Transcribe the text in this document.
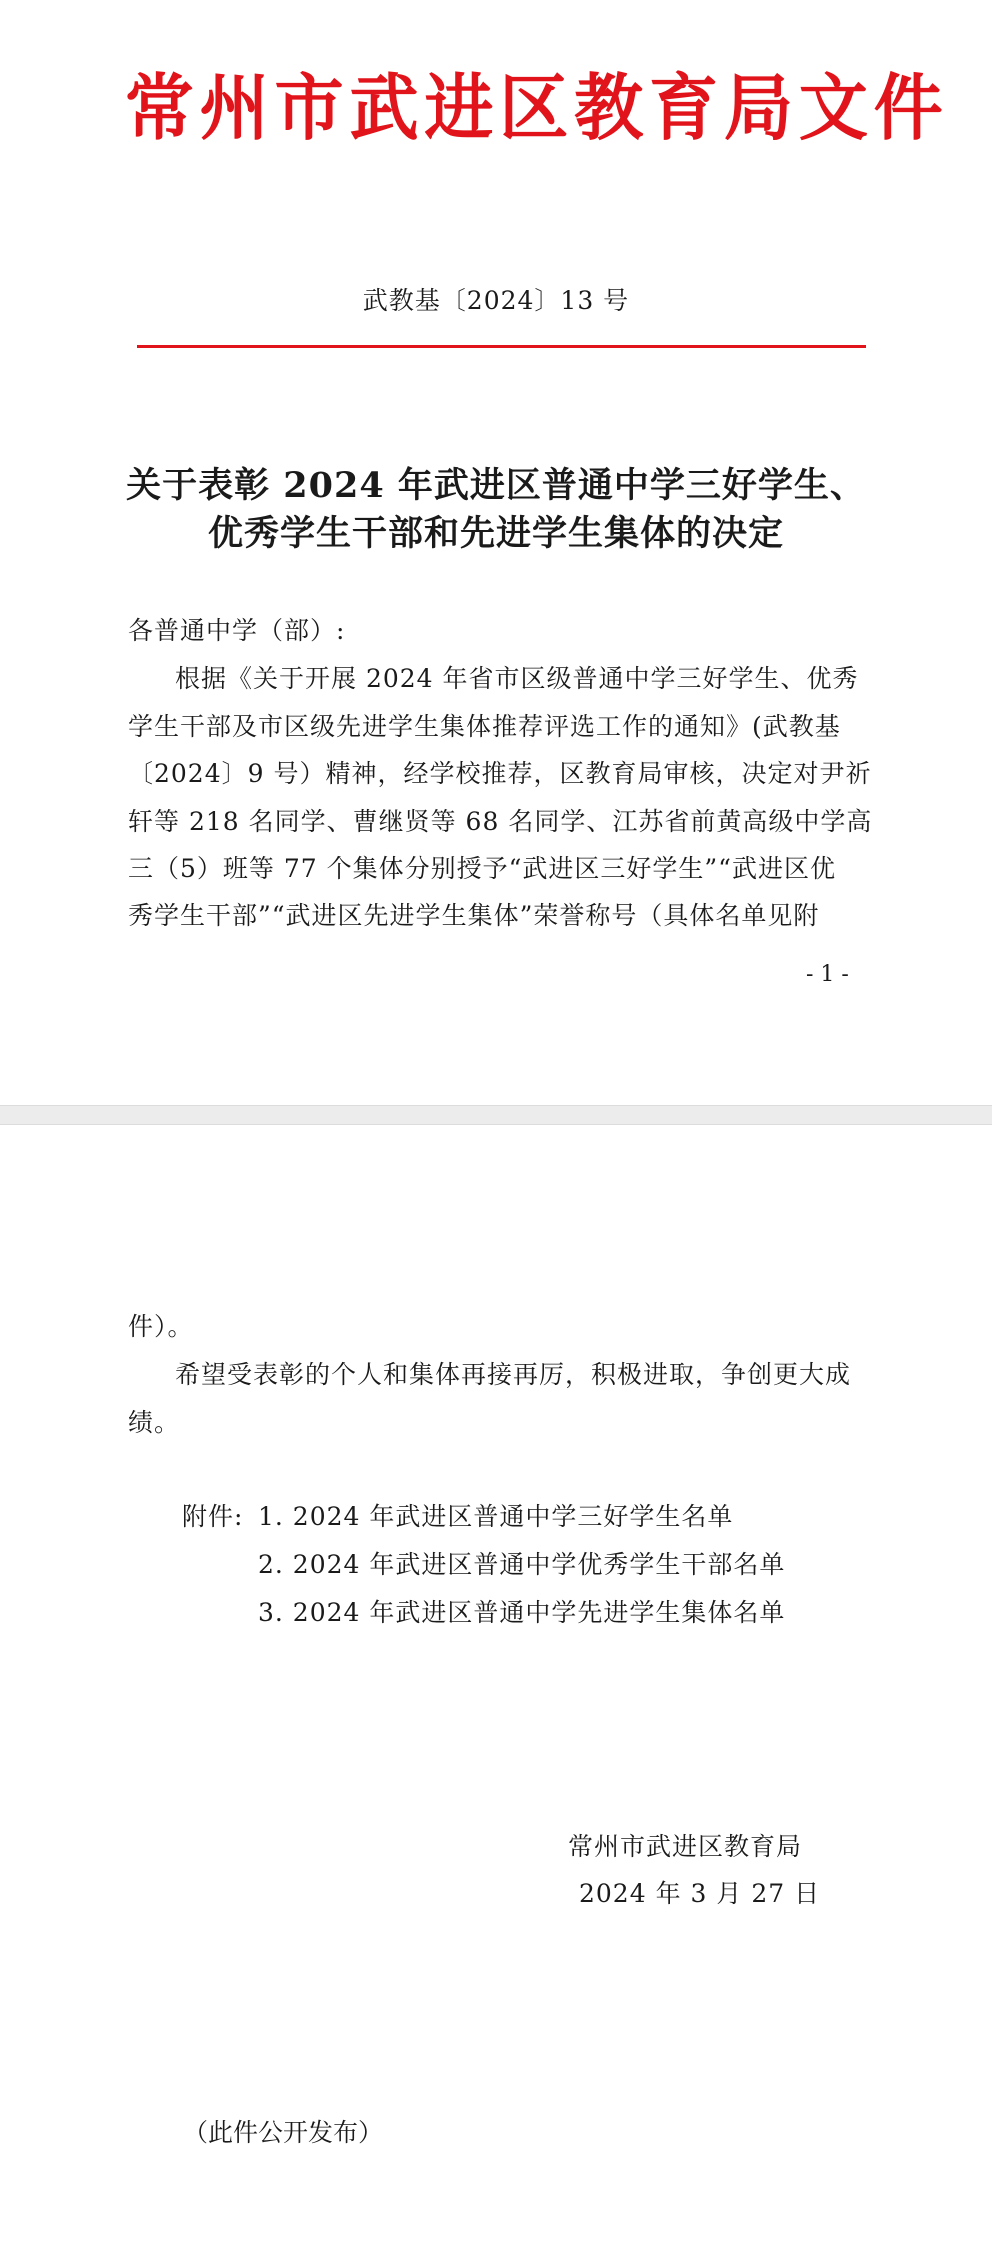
常州市武进区教育局文件
武教基〔2024〕13 号
关于表彰 2024 年武进区普通中学三好学生、
优秀学生干部和先进学生集体的决定
各普通中学（部）:
根据《关于开展 2024 年省市区级普通中学三好学生、优秀
学生干部及市区级先进学生集体推荐评选工作的通知》(武教基
〔2024〕9 号）精神，经学校推荐，区教育局审核，决定对尹祈
轩等 218 名同学、曹继贤等 68 名同学、江苏省前黄高级中学高
三（5）班等 77 个集体分别授予“武进区三好学生”“武进区优
秀学生干部”“武进区先进学生集体”荣誉称号（具体名单见附
- 1 -
件）。
希望受表彰的个人和集体再接再厉，积极进取，争创更大成
绩。
附件: 1. 2024 年武进区普通中学三好学生名单
2. 2024 年武进区普通中学优秀学生干部名单
3. 2024 年武进区普通中学先进学生集体名单
常州市武进区教育局
2024 年 3 月 27 日
（此件公开发布）
